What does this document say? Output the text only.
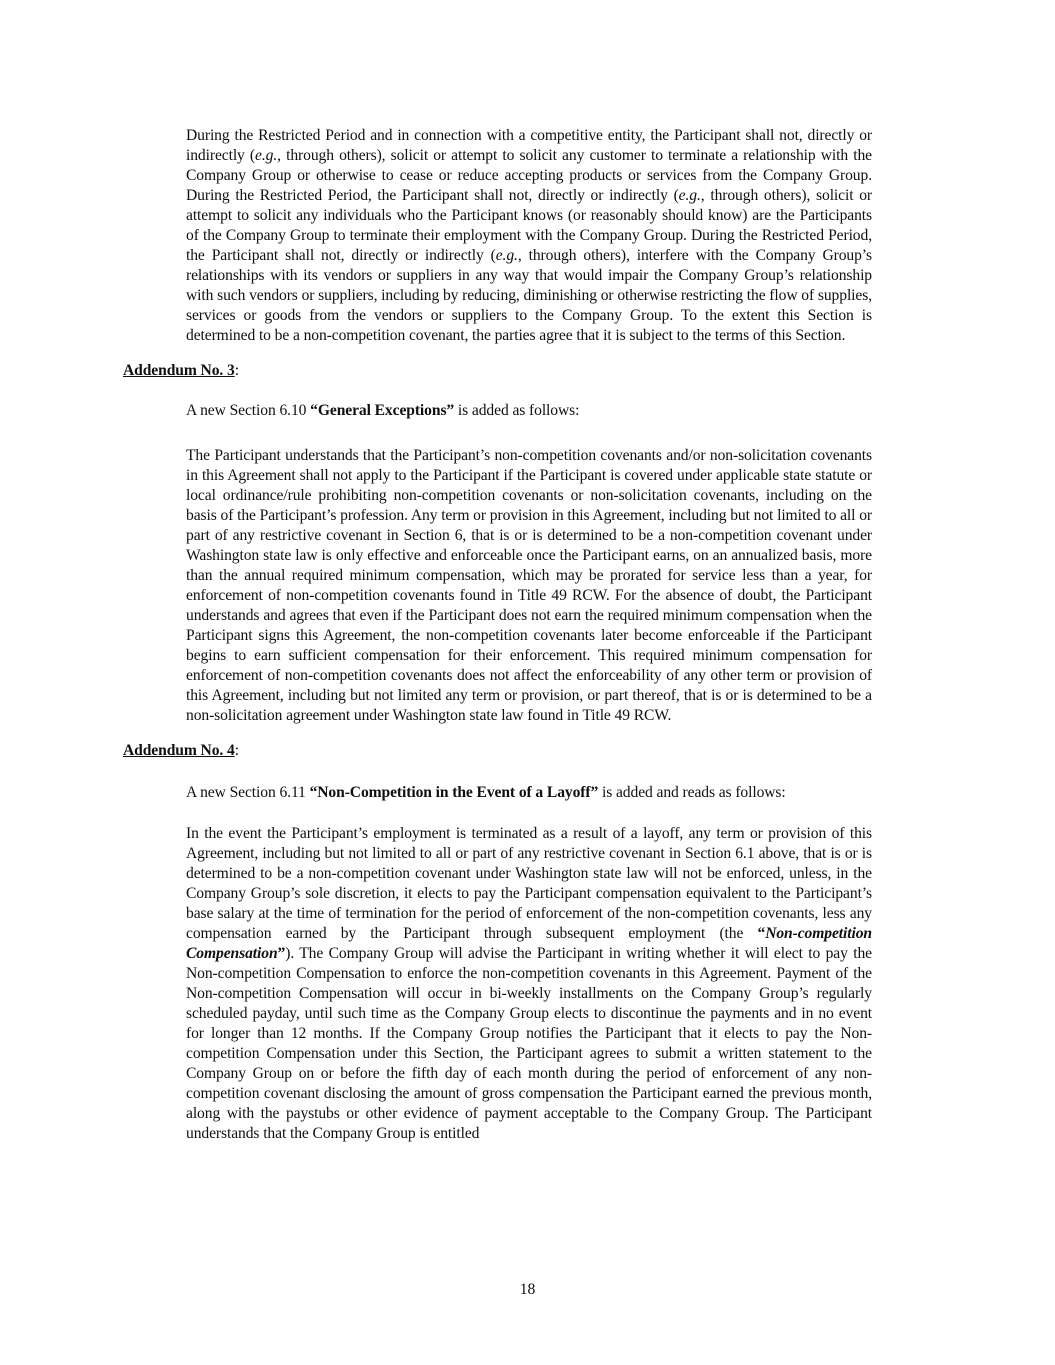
During the Restricted Period and in connection with a competitive entity, the Participant shall not, directly or indirectly (e.g., through others), solicit or attempt to solicit any customer to terminate a relationship with the Company Group or otherwise to cease or reduce accepting products or services from the Company Group. During the Restricted Period, the Participant shall not, directly or indirectly (e.g., through others), solicit or attempt to solicit any individuals who the Participant knows (or reasonably should know) are the Participants of the Company Group to terminate their employment with the Company Group. During the Restricted Period, the Participant shall not, directly or indirectly (e.g., through others), interfere with the Company Group’s relationships with its vendors or suppliers in any way that would impair the Company Group’s relationship with such vendors or suppliers, including by reducing, diminishing or otherwise restricting the flow of supplies, services or goods from the vendors or suppliers to the Company Group. To the extent this Section is determined to be a non-competition covenant, the parties agree that it is subject to the terms of this Section.

Addendum No. 3:

A new Section 6.10 “General Exceptions” is added as follows:

The Participant understands that the Participant’s non-competition covenants and/or non-solicitation covenants in this Agreement shall not apply to the Participant if the Participant is covered under applicable state statute or local ordinance/rule prohibiting non-competition covenants or non-solicitation covenants, including on the basis of the Participant’s profession. Any term or provision in this Agreement, including but not limited to all or part of any restrictive covenant in Section 6, that is or is determined to be a non-competition covenant under Washington state law is only effective and enforceable once the Participant earns, on an annualized basis, more than the annual required minimum compensation, which may be prorated for service less than a year, for enforcement of non-competition covenants found in Title 49 RCW. For the absence of doubt, the Participant understands and agrees that even if the Participant does not earn the required minimum compensation when the Participant signs this Agreement, the non-competition covenants later become enforceable if the Participant begins to earn sufficient compensation for their enforcement. This required minimum compensation for enforcement of non-competition covenants does not affect the enforceability of any other term or provision of this Agreement, including but not limited any term or provision, or part thereof, that is or is determined to be a non-solicitation agreement under Washington state law found in Title 49 RCW.

Addendum No. 4:

A new Section 6.11 “Non-Competition in the Event of a Layoff” is added and reads as follows:

In the event the Participant’s employment is terminated as a result of a layoff, any term or provision of this Agreement, including but not limited to all or part of any restrictive covenant in Section 6.1 above, that is or is determined to be a non-competition covenant under Washington state law will not be enforced, unless, in the Company Group’s sole discretion, it elects to pay the Participant compensation equivalent to the Participant’s base salary at the time of termination for the period of enforcement of the non-competition covenants, less any compensation earned by the Participant through subsequent employment (the “Non-competition Compensation”). The Company Group will advise the Participant in writing whether it will elect to pay the Non-competition Compensation to enforce the non-competition covenants in this Agreement. Payment of the Non-competition Compensation will occur in bi-weekly installments on the Company Group’s regularly scheduled payday, until such time as the Company Group elects to discontinue the payments and in no event for longer than 12 months. If the Company Group notifies the Participant that it elects to pay the Non-competition Compensation under this Section, the Participant agrees to submit a written statement to the Company Group on or before the fifth day of each month during the period of enforcement of any non-competition covenant disclosing the amount of gross compensation the Participant earned the previous month, along with the paystubs or other evidence of payment acceptable to the Company Group. The Participant understands that the Company Group is entitled

18
